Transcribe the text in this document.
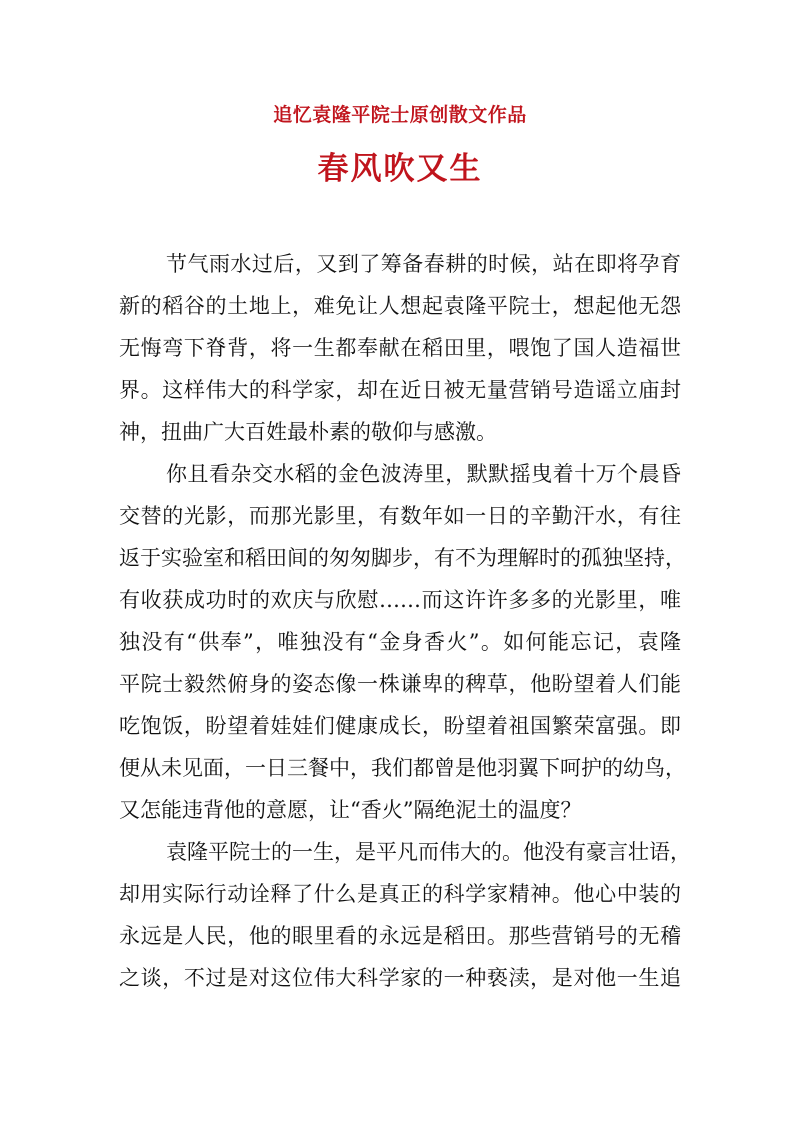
追忆袁隆平院士原创散文作品
春风吹又生
节气雨水过后，又到了筹备春耕的时候，站在即将孕育
新的稻谷的土地上，难免让人想起袁隆平院士，想起他无怨
无悔弯下脊背，将一生都奉献在稻田里，喂饱了国人造福世
界。这样伟大的科学家，却在近日被无量营销号造谣立庙封
神，扭曲广大百姓最朴素的敬仰与感激。
你且看杂交水稻的金色波涛里，默默摇曳着十万个晨昏
交替的光影，而那光影里，有数年如一日的辛勤汗水，有往
返于实验室和稻田间的匆匆脚步，有不为理解时的孤独坚持，
有收获成功时的欢庆与欣慰……而这许许多多的光影里，唯
独没有“供奉”，唯独没有“金身香火”。如何能忘记，袁隆
平院士毅然俯身的姿态像一株谦卑的稗草，他盼望着人们能
吃饱饭，盼望着娃娃们健康成长，盼望着祖国繁荣富强。即
便从未见面，一日三餐中，我们都曾是他羽翼下呵护的幼鸟，
又怎能违背他的意愿，让“香火”隔绝泥土的温度？
袁隆平院士的一生，是平凡而伟大的。他没有豪言壮语，
却用实际行动诠释了什么是真正的科学家精神。他心中装的
永远是人民，他的眼里看的永远是稻田。那些营销号的无稽
之谈，不过是对这位伟大科学家的一种亵渎，是对他一生追
